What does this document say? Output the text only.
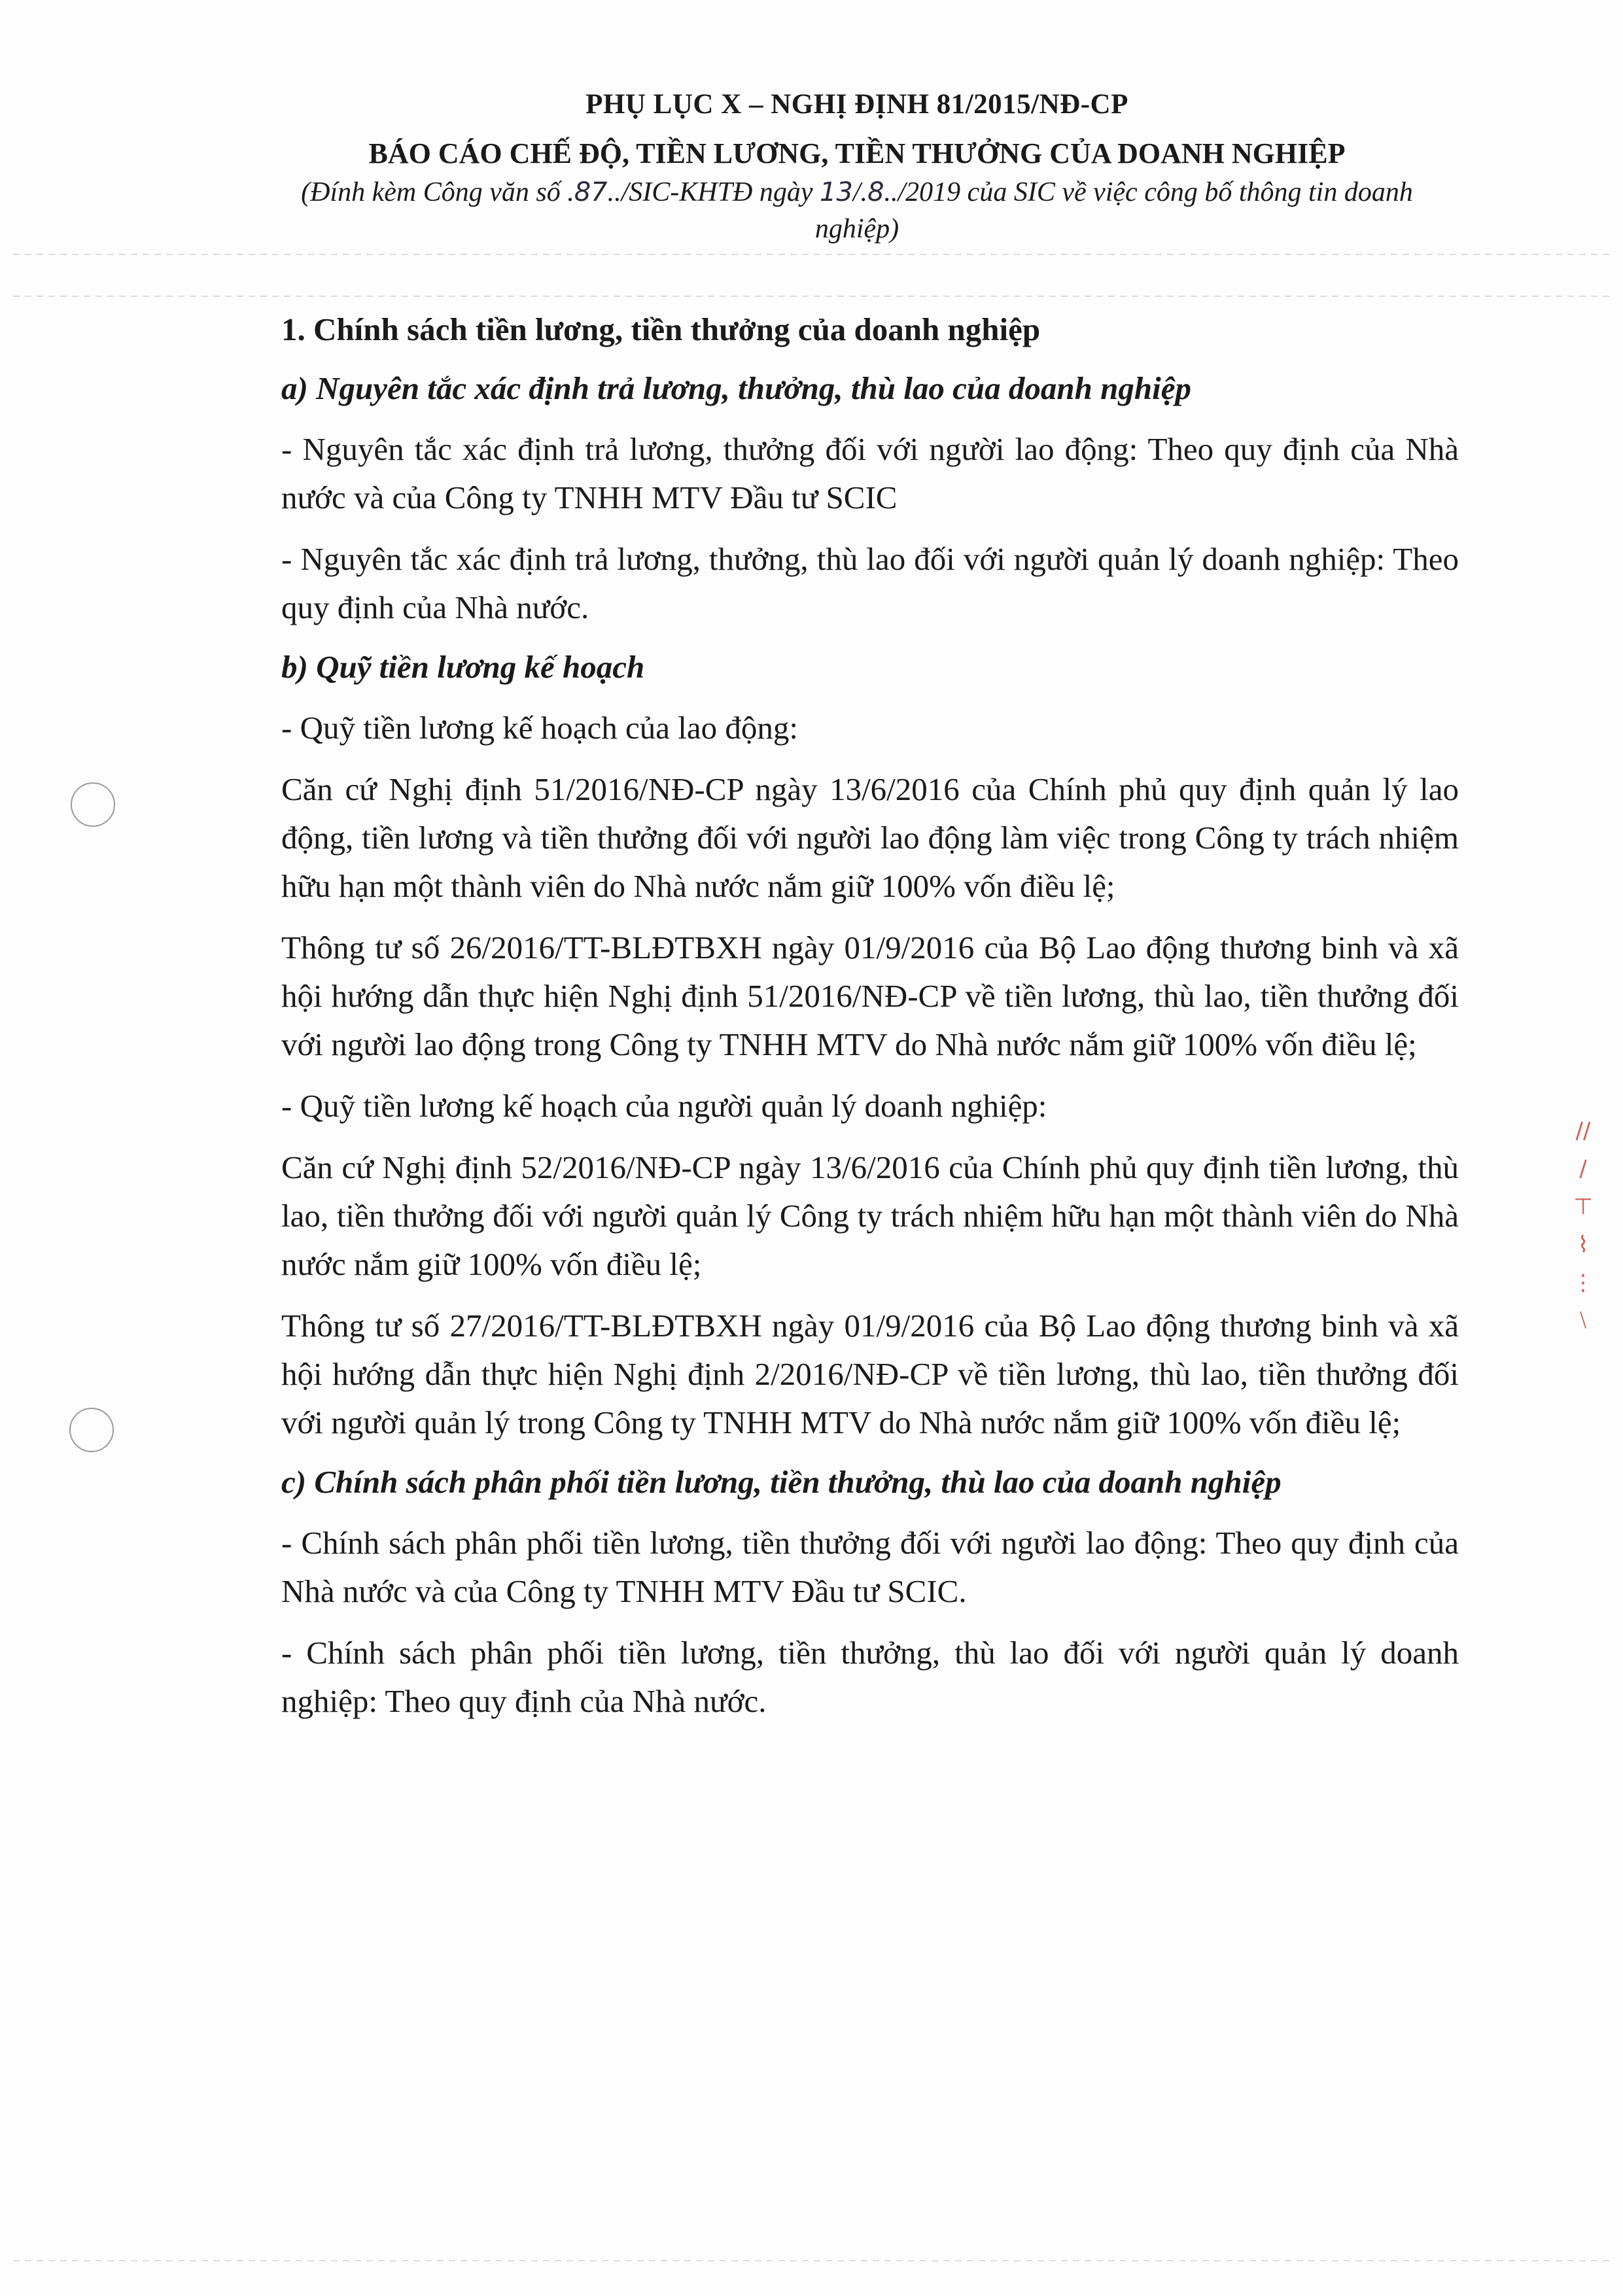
PHỤ LỤC X – NGHỊ ĐỊNH 81/2015/NĐ-CP
BÁO CÁO CHẾ ĐỘ, TIỀN LƯƠNG, TIỀN THƯỞNG CỦA DOANH NGHIỆP
(Đính kèm Công văn số .87../SIC-KHTĐ ngày 13/.8../2019 của SIC về việc công bố thông tin doanh nghiệp)
1. Chính sách tiền lương, tiền thưởng của doanh nghiệp
a) Nguyên tắc xác định trả lương, thưởng, thù lao của doanh nghiệp

- Nguyên tắc xác định trả lương, thưởng đối với người lao động: Theo quy định của Nhà nước và của Công ty TNHH MTV Đầu tư SCIC

- Nguyên tắc xác định trả lương, thưởng, thù lao đối với người quản lý doanh nghiệp: Theo quy định của Nhà nước.

b) Quỹ tiền lương kế hoạch

- Quỹ tiền lương kế hoạch của lao động:

Căn cứ Nghị định 51/2016/NĐ-CP ngày 13/6/2016 của Chính phủ quy định quản lý lao động, tiền lương và tiền thưởng đối với người lao động làm việc trong Công ty trách nhiệm hữu hạn một thành viên do Nhà nước nắm giữ 100% vốn điều lệ;

Thông tư số 26/2016/TT-BLĐTBXH ngày 01/9/2016 của Bộ Lao động thương binh và xã hội hướng dẫn thực hiện Nghị định 51/2016/NĐ-CP về tiền lương, thù lao, tiền thưởng đối với người lao động trong Công ty TNHH MTV do Nhà nước nắm giữ 100% vốn điều lệ;

- Quỹ tiền lương kế hoạch của người quản lý doanh nghiệp:

Căn cứ Nghị định 52/2016/NĐ-CP ngày 13/6/2016 của Chính phủ quy định tiền lương, thù lao, tiền thưởng đối với người quản lý Công ty trách nhiệm hữu hạn một thành viên do Nhà nước nắm giữ 100% vốn điều lệ;

Thông tư số 27/2016/TT-BLĐTBXH ngày 01/9/2016 của Bộ Lao động thương binh và xã hội hướng dẫn thực hiện Nghị định 2/2016/NĐ-CP về tiền lương, thù lao, tiền thưởng đối với người quản lý trong Công ty TNHH MTV do Nhà nước nắm giữ 100% vốn điều lệ;

c) Chính sách phân phối tiền lương, tiền thưởng, thù lao của doanh nghiệp

- Chính sách phân phối tiền lương, tiền thưởng đối với người lao động: Theo quy định của Nhà nước và của Công ty TNHH MTV Đầu tư SCIC.

- Chính sách phân phối tiền lương, tiền thưởng, thù lao đối với người quản lý doanh nghiệp: Theo quy định của Nhà nước.

//
/
⊤
⌇
⋮
⧵
